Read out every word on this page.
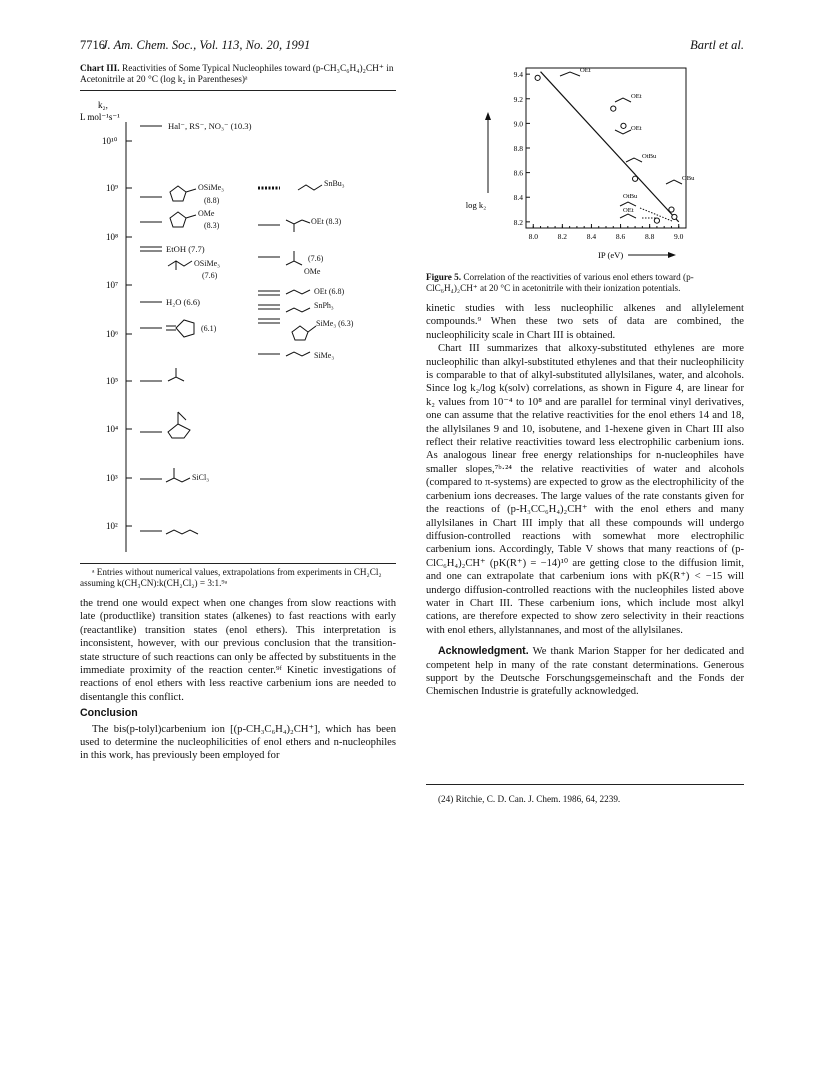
J. Am. Chem. Soc., Vol. 113, No. 20, 1991
7716	Bartl et al.
Chart III. Reactivities of Some Typical Nucleophiles toward (p-CH₃C₆H₄)₂CH⁺ in Acetonitrile at 20 °C (log k₂ in Parentheses)ᵃ
k₂,
L mol⁻¹s⁻¹
10¹⁰
10⁹
10⁸
10⁷
10⁶
10⁵
10⁴
10³
10²
Hal⁻, RS⁻, NO₃⁻ (10.3)
OSiMe₃
(8.8)
OMe
(8.3)
EtOH (7.7)
OSiMe₃
(7.6)
H₂O (6.6)
(6.1)
SiCl₃
SnBu₃
OEt (8.3)
(7.6)
OMe
OEt (6.8)
SnPh₃
SiMe₃ (6.3)
SiMe₃
ᵃ Entries without numerical values, extrapolations from experiments in CH₂Cl₂ assuming k(CH₃CN):k(CH₂Cl₂) = 3:1.⁹ᵃ

the trend one would expect when one changes from slow reactions with late (productlike) transition states (alkenes) to fast reactions with early (reactantlike) transition states (enol ethers). This interpretation is inconsistent, however, with our previous conclusion that the transition-state structure of such reactions can only be affected by substituents in the immediate proximity of the reaction center.⁹ᶠ Kinetic investigations of reactions of enol ethers with less reactive carbenium ions are needed to disentangle this conflict.

Conclusion

The bis(p-tolyl)carbenium ion [(p-CH₃C₆H₄)₂CH⁺], which has been used to determine the nucleophilicities of enol ethers and n-nucleophiles in this work, has previously been employed for

log k₂
8.0	8.2	8.4	8.6	8.8	9.0
9.4
9.2
9.0
8.8
8.6
8.4
8.2
OEt
OEt
OEt
OtBu
OBu
OtBu
OEt
IP (eV)
Figure 5. Correlation of the reactivities of various enol ethers toward (p-ClC₆H₄)₂CH⁺ at 20 °C in acetonitrile with their ionization potentials.

kinetic studies with less nucleophilic alkenes and allylelement compounds.⁹ When these two sets of data are combined, the nucleophilicity scale in Chart III is obtained.

Chart III summarizes that alkoxy-substituted ethylenes are more nucleophilic than alkyl-substituted ethylenes and that their nucleophilicity is comparable to that of alkyl-substituted allylsilanes, water, and alcohols. Since log k₂/log k(solv) correlations, as shown in Figure 4, are linear for k₂ values from 10⁻⁴ to 10⁸ and are parallel for terminal vinyl derivatives, one can assume that the relative reactivities for the enol ethers 14 and 18, the allylsilanes 9 and 10, isobutene, and 1-hexene given in Chart III also reflect their relative reactivities toward less electrophilic carbenium ions. As analogous linear free energy relationships for n-nucleophiles have smaller slopes,⁷ᵇ·²⁴ the relative reactivities of water and alcohols (compared to π-systems) are expected to grow as the electrophilicity of the carbenium ions decreases. The large values of the rate constants given for the reactions of (p-H₃CC₆H₄)₂CH⁺ with the enol ethers and many allylsilanes in Chart III imply that all these compounds will undergo diffusion-controlled reactions with somewhat more electrophilic carbenium ions. Accordingly, Table V shows that many reactions of (p-ClC₆H₄)₂CH⁺ (pK(R⁺) = −14)¹⁰ are getting close to the diffusion limit, and one can extrapolate that carbenium ions with pK(R⁺) < −15 will undergo diffusion-controlled reactions with the nucleophiles listed above water in Chart III. These carbenium ions, which include most alkyl cations, are therefore expected to show zero selectivity in their reactions with enol ethers, allylstannanes, and most of the allylsilanes.

Acknowledgment. We thank Marion Stapper for her dedicated and competent help in many of the rate constant determinations. Generous support by the Deutsche Forschungsgemeinschaft and the Fonds der Chemischen Industrie is gratefully acknowledged.

(24) Ritchie, C. D. Can. J. Chem. 1986, 64, 2239.
